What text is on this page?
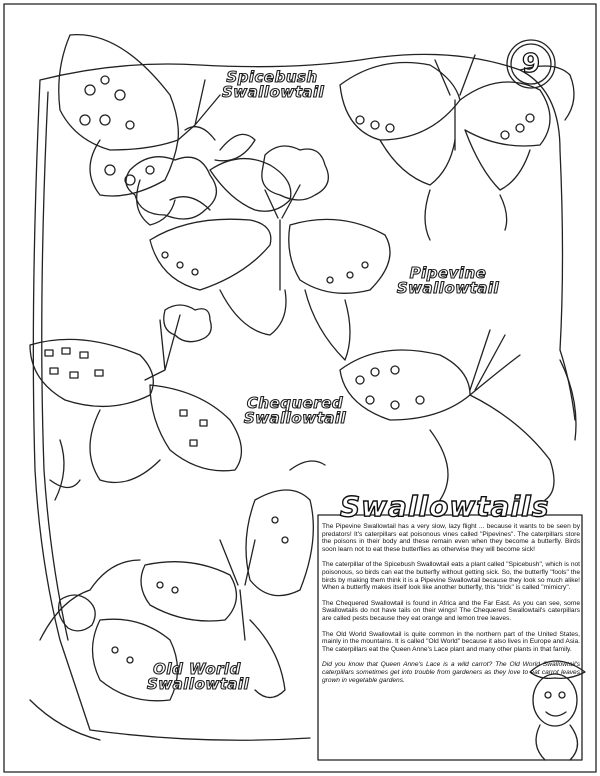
9
Spicebush
Swallowtail
Pipevine
Swallowtail
Chequered
Swallowtail
Old World
Swallowtail
Swallowtails

The Pipevine Swallowtail has a very slow, lazy flight ... because it wants to be seen by predators! It's caterpillars eat poisonous vines called "Pipevines". The caterpillars store the poisons in their body and these remain even when they become a butterfly. Birds soon learn not to eat these butterflies as otherwise they will become sick!

The caterpillar of the Spicebush Swallowtail eats a plant called "Spicebush", which is not poisonous, so birds can eat the butterfly without getting sick. So, the butterfly "fools" the birds by making them think it is a Pipevine Swallowtail because they look so much alike! When a butterfly makes itself look like another butterfly, this "trick" is called "mimicry".

The Chequered Swallowtail is found in Africa and the Far East. As you can see, some Swallowtails do not have tails on their wings! The Chequered Swallowtail's caterpillars are called pests because they eat orange and lemon tree leaves.

The Old World Swallowtail is quite common in the northern part of the United States, mainly in the mountains. It is called "Old World" because it also lives in Europe and Asia. The caterpillars eat the Queen Anne's Lace plant and many other plants in that family.

Did you know that Queen Anne's Lace is a wild carrot? The Old World Swallowtail's caterpillars sometimes get into trouble from gardeners as they love to eat carrot leaves grown in vegetable gardens.
